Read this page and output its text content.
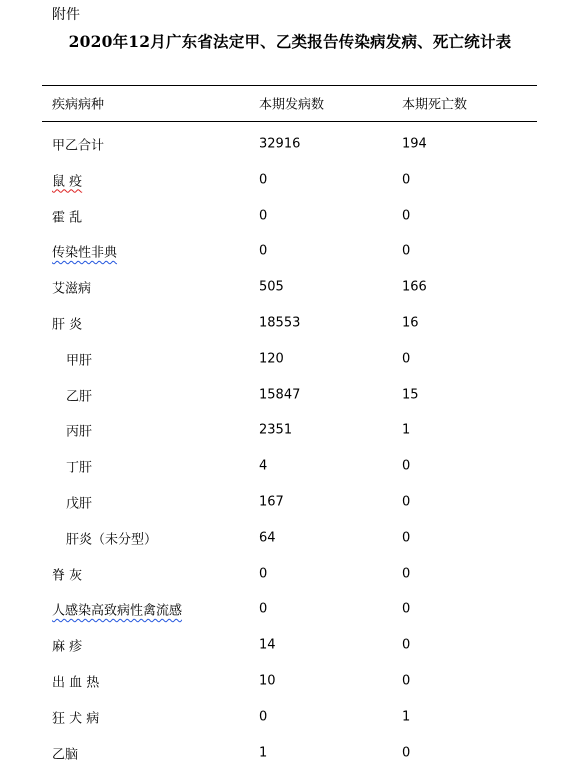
附件
2020年12月广东省法定甲、乙类报告传染病发病、死亡统计表
疾病病种	本期发病数	本期死亡数
甲乙合计	32916	194
鼠 疫	0	0
霍 乱	0	0
传染性非典	0	0
艾滋病	505	166
肝 炎	18553	16
甲肝	120	0
乙肝	15847	15
丙肝	2351	1
丁肝	4	0
戊肝	167	0
肝炎（未分型）	64	0
脊 灰	0	0
人感染高致病性禽流感	0	0
麻 疹	14	0
出 血 热	10	0
狂 犬 病	0	1
乙脑	1	0
